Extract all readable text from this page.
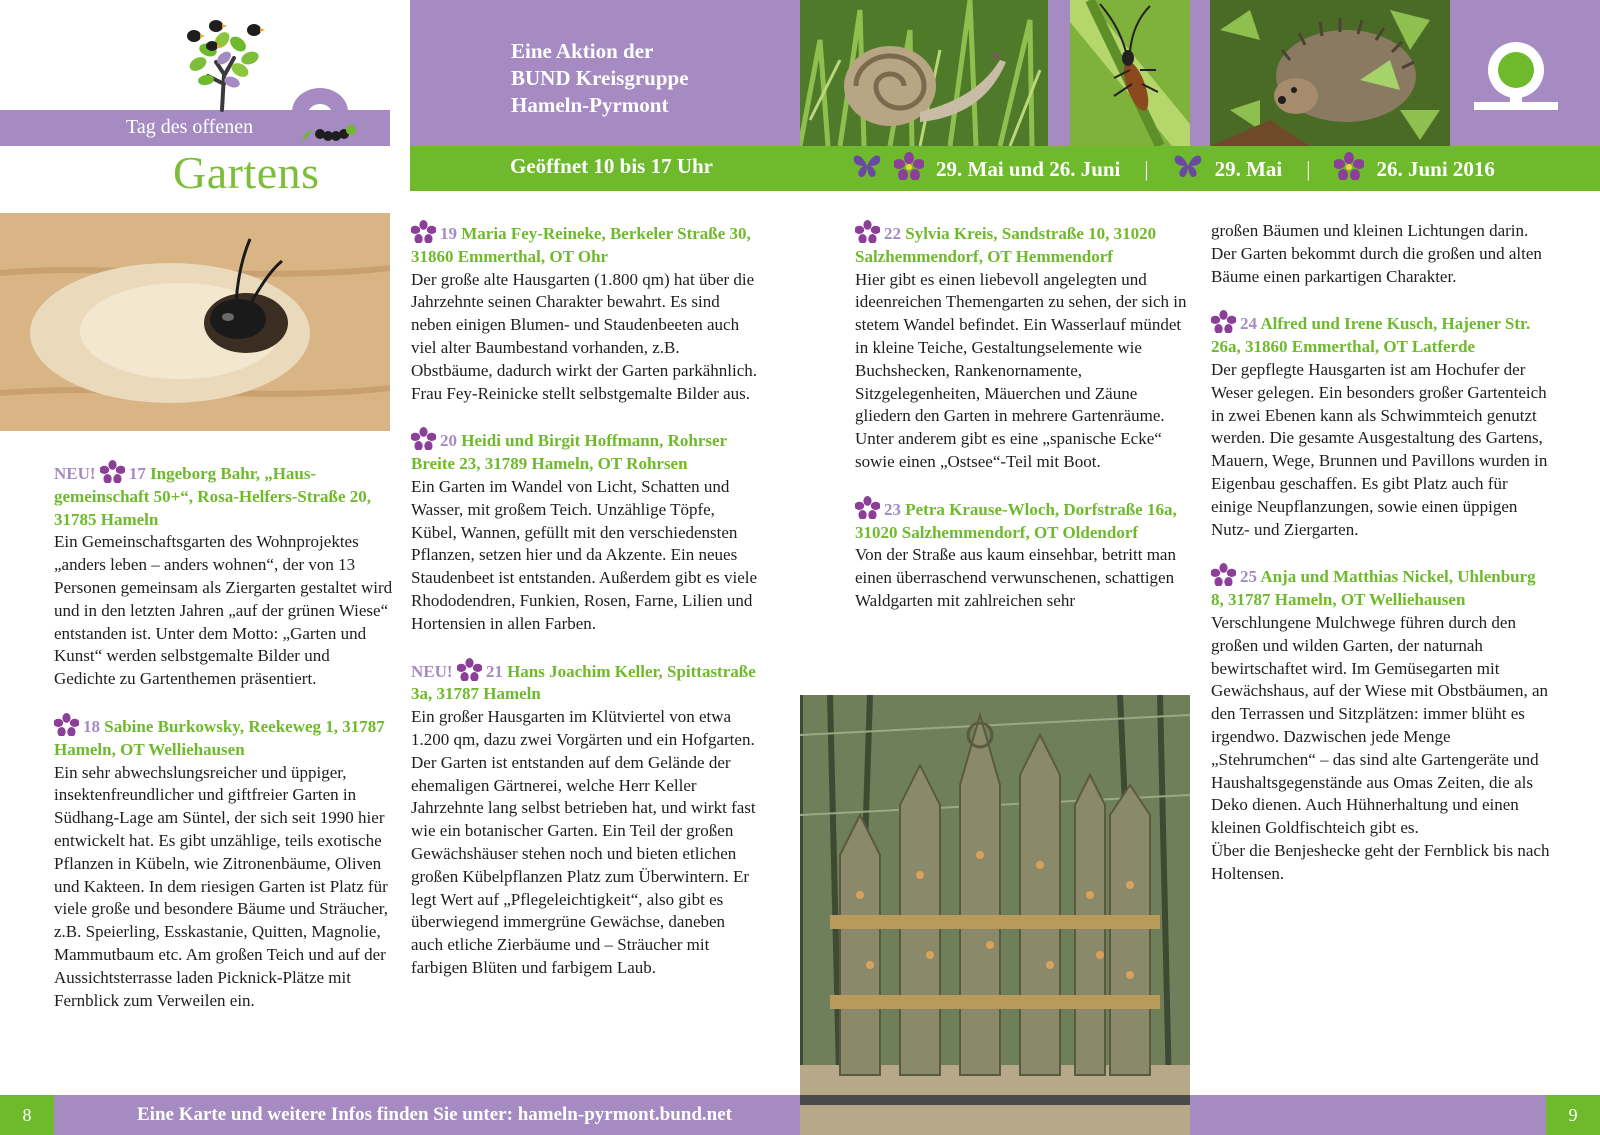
Tag des offenen
Gartens
Eine Aktion der
BUND Kreisgruppe
Hameln-Pyrmont
Geöffnet 10 bis 17 Uhr	29. Mai und 26. Juni	|	29. Mai	|	26. Juni 2016
NEU! 17 Ingeborg Bahr, „Hausgemeinschaft 50+“, Rosa-Helfers-Straße 20, 31785 Hameln
Ein Gemeinschaftsgarten des Wohnprojektes „anders leben – anders wohnen“, der von 13 Personen gemeinsam als Ziergarten gestaltet wird und in den letzten Jahren „auf der grünen Wiese“ entstanden ist. Unter dem Motto: „Garten und Kunst“ werden selbstgemalte Bilder und Gedichte zu Gartenthemen präsentiert.
18 Sabine Burkowsky, Reekeweg 1, 31787 Hameln, OT Welliehausen
Ein sehr abwechslungsreicher und üppiger, insektenfreundlicher und giftfreier Garten in Südhang-Lage am Süntel, der sich seit 1990 hier entwickelt hat. Es gibt unzählige, teils exotische Pflanzen in Kübeln, wie Zitronenbäume, Oliven und Kakteen. In dem riesigen Garten ist Platz für viele große und besondere Bäume und Sträucher, z.B. Speierling, Esskastanie, Quitten, Magnolie, Mammutbaum etc. Am großen Teich und auf der Aussichtsterrasse laden Picknick-Plätze mit Fernblick zum Verweilen ein.
19 Maria Fey-Reineke, Berkeler Straße 30, 31860 Emmerthal, OT Ohr
Der große alte Hausgarten (1.800 qm) hat über die Jahrzehnte seinen Charakter bewahrt. Es sind neben einigen Blumen- und Staudenbeeten auch viel alter Baumbestand vorhanden, z.B. Obstbäume, dadurch wirkt der Garten parkähnlich. Frau Fey-Reinicke stellt selbstgemalte Bilder aus.
20 Heidi und Birgit Hoffmann, Rohrser Breite 23, 31789 Hameln, OT Rohrsen
Ein Garten im Wandel von Licht, Schatten und Wasser, mit großem Teich. Unzählige Töpfe, Kübel, Wannen, gefüllt mit den verschiedensten Pflanzen, setzen hier und da Akzente. Ein neues Staudenbeet ist entstanden. Außerdem gibt es viele Rhododendren, Funkien, Rosen, Farne, Lilien und Hortensien in allen Farben.
NEU! 21 Hans Joachim Keller, Spittastraße 3a, 31787 Hameln
Ein großer Hausgarten im Klütviertel von etwa 1.200 qm, dazu zwei Vorgärten und ein Hofgarten. Der Garten ist entstanden auf dem Gelände der ehemaligen Gärtnerei, welche Herr Keller Jahrzehnte lang selbst betrieben hat, und wirkt fast wie ein botanischer Garten. Ein Teil der großen Gewächshäuser stehen noch und bieten etlichen großen Kübelpflanzen Platz zum Überwintern. Er legt Wert auf „Pflegeleichtigkeit“, also gibt es überwiegend immergrüne Gewächse, daneben auch etliche Zierbäume und – Sträucher mit farbigen Blüten und farbigem Laub.
22 Sylvia Kreis, Sandstraße 10, 31020 Salzhemmendorf, OT Hemmendorf
Hier gibt es einen liebevoll angelegten und ideenreichen Themengarten zu sehen, der sich in stetem Wandel befindet. Ein Wasserlauf mündet in kleine Teiche, Gestaltungselemente wie Buchshecken, Rankenornamente, Sitzgelegenheiten, Mäuerchen und Zäune gliedern den Garten in mehrere Gartenräume. Unter anderem gibt es eine „spanische Ecke“ sowie einen „Ostsee“-Teil mit Boot.
23 Petra Krause-Wloch, Dorfstraße 16a, 31020 Salzhemmendorf, OT Oldendorf
Von der Straße aus kaum einsehbar, betritt man einen überraschend verwunschenen, schattigen Waldgarten mit zahlreichen sehr
großen Bäumen und kleinen Lichtungen darin. Der Garten bekommt durch die großen und alten Bäume einen parkartigen Charakter.
24 Alfred und Irene Kusch, Hajener Str. 26a, 31860 Emmerthal, OT Latferde
Der gepflegte Hausgarten ist am Hochufer der Weser gelegen. Ein besonders großer Gartenteich in zwei Ebenen kann als Schwimmteich genutzt werden. Die gesamte Ausgestaltung des Gartens, Mauern, Wege, Brunnen und Pavillons wurden in Eigenbau geschaffen. Es gibt Platz auch für einige Neupflanzungen, sowie einen üppigen Nutz- und Ziergarten.
25 Anja und Matthias Nickel, Uhlenburg 8, 31787 Hameln, OT Welliehausen
Verschlungene Mulchwege führen durch den großen und wilden Garten, der naturnah bewirtschaftet wird. Im Gemüsegarten mit Gewächshaus, auf der Wiese mit Obstbäumen, an den Terrassen und Sitzplätzen: immer blüht es irgendwo. Dazwischen jede Menge „Stehrumchen“ – das sind alte Gartengeräte und Haushaltsgegenstände aus Omas Zeiten, die als Deko dienen. Auch Hühnerhaltung und einen kleinen Goldfischteich gibt es.
Über die Benjeshecke geht der Fernblick bis nach Holtensen.
8	Eine Karte und weitere Infos finden Sie unter: hameln-pyrmont.bund.net	9
